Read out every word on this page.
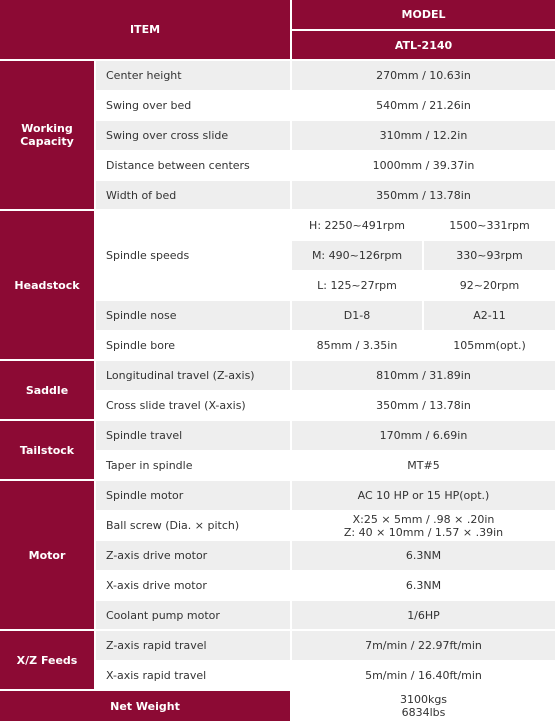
ITEM
MODEL
ATL-2140
Working Capacity
Center height	270mm / 10.63in
Swing over bed	540mm / 21.26in
Swing over cross slide	310mm / 12.2in
Distance between centers	1000mm / 39.37in
Width of bed	350mm / 13.78in
Headstock
Spindle speeds
H: 2250~491rpm	1500~331rpm
M: 490~126rpm	330~93rpm
L: 125~27rpm	92~20rpm
Spindle nose	D1-8	A2-11
Spindle bore	85mm / 3.35in	105mm(opt.)
Saddle
Longitudinal travel (Z-axis)	810mm / 31.89in
Cross slide travel (X-axis)	350mm / 13.78in
Tailstock
Spindle travel	170mm / 6.69in
Taper in spindle	MT#5
Motor
Spindle motor	AC 10 HP or 15 HP(opt.)
Ball screw (Dia. × pitch)	X:25 × 5mm / .98 × .20in
Z: 40 × 10mm / 1.57 × .39in
Z-axis drive motor	6.3NM
X-axis drive motor	6.3NM
Coolant pump motor	1/6HP
X/Z Feeds
Z-axis rapid travel	7m/min / 22.97ft/min
X-axis rapid travel	5m/min / 16.40ft/min
Net Weight	3100kgs
6834lbs
